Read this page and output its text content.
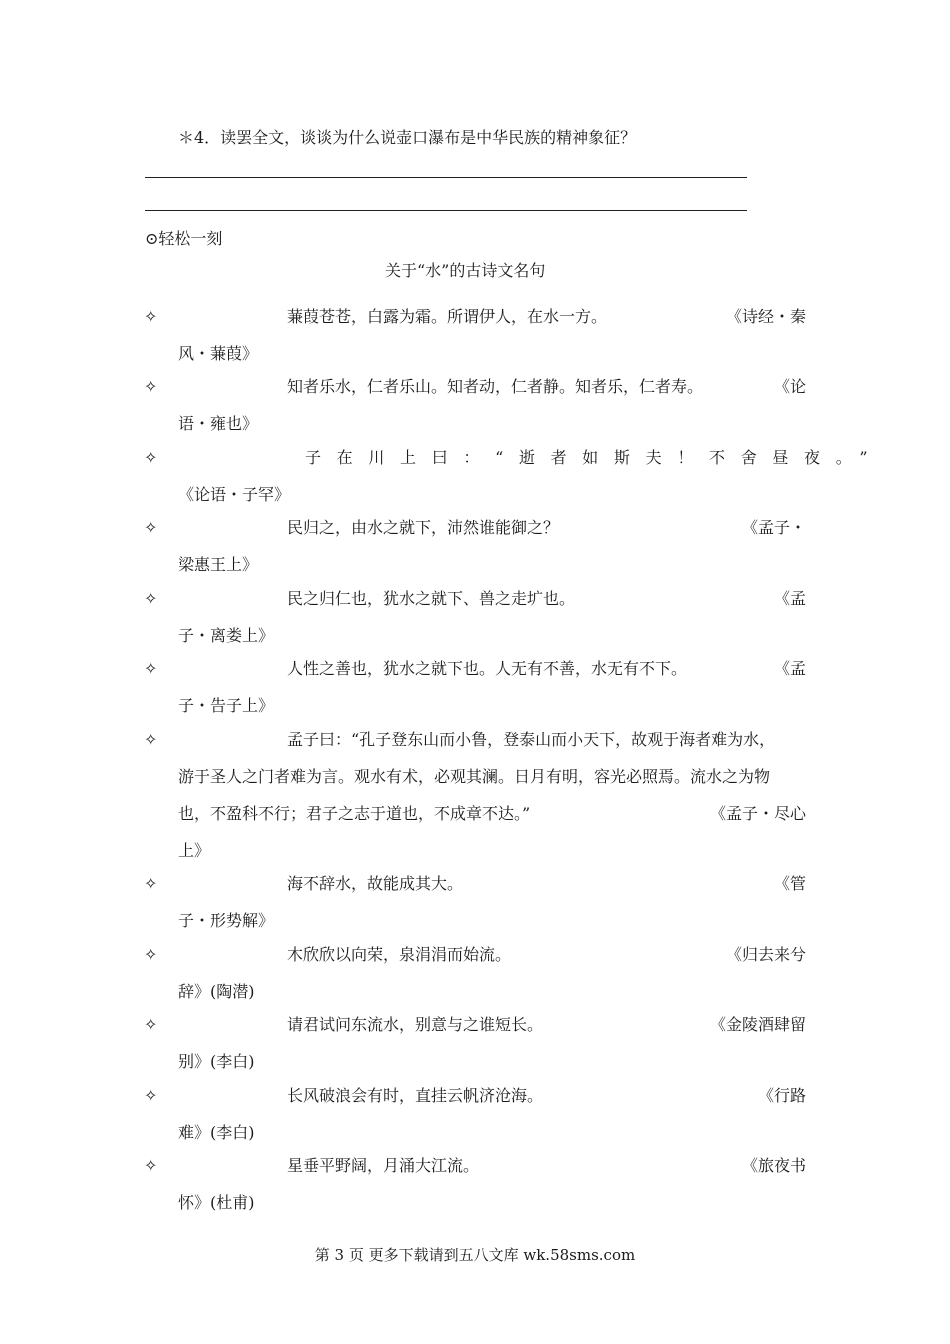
＊4．读罢全文，谈谈为什么说壶口瀑布是中华民族的精神象征？
⊙轻松一刻
关于“水”的古诗文名句
✧	蒹葭苍苍，白露为霜。所谓伊人，在水一方。	《诗经・秦
风・蒹葭》
✧	知者乐水，仁者乐山。知者动，仁者静。知者乐，仁者寿。	《论
语・雍也》
✧	子在川上曰：“逝者如斯夫！不舍昼夜。”
《论语・子罕》
✧	民归之，由水之就下，沛然谁能御之？	《孟子・
梁惠王上》
✧	民之归仁也，犹水之就下、兽之走圹也。	《孟
子・离娄上》
✧	人性之善也，犹水之就下也。人无有不善，水无有不下。	《孟
子・告子上》
✧	孟子曰：“孔子登东山而小鲁，登泰山而小天下，故观于海者难为水，
游于圣人之门者难为言。观水有术，必观其澜。日月有明，容光必照焉。流水之为物
也，不盈科不行；君子之志于道也，不成章不达。”	《孟子・尽心
上》
✧	海不辞水，故能成其大。	《管
子・形势解》
✧	木欣欣以向荣，泉涓涓而始流。	《归去来兮
辞》(陶潜)
✧	请君试问东流水，别意与之谁短长。	《金陵酒肆留
别》(李白)
✧	长风破浪会有时，直挂云帆济沧海。	《行路
难》(李白)
✧	星垂平野阔，月涌大江流。	《旅夜书
怀》(杜甫)
第 3 页 更多下载请到五八文库 wk.58sms.com
